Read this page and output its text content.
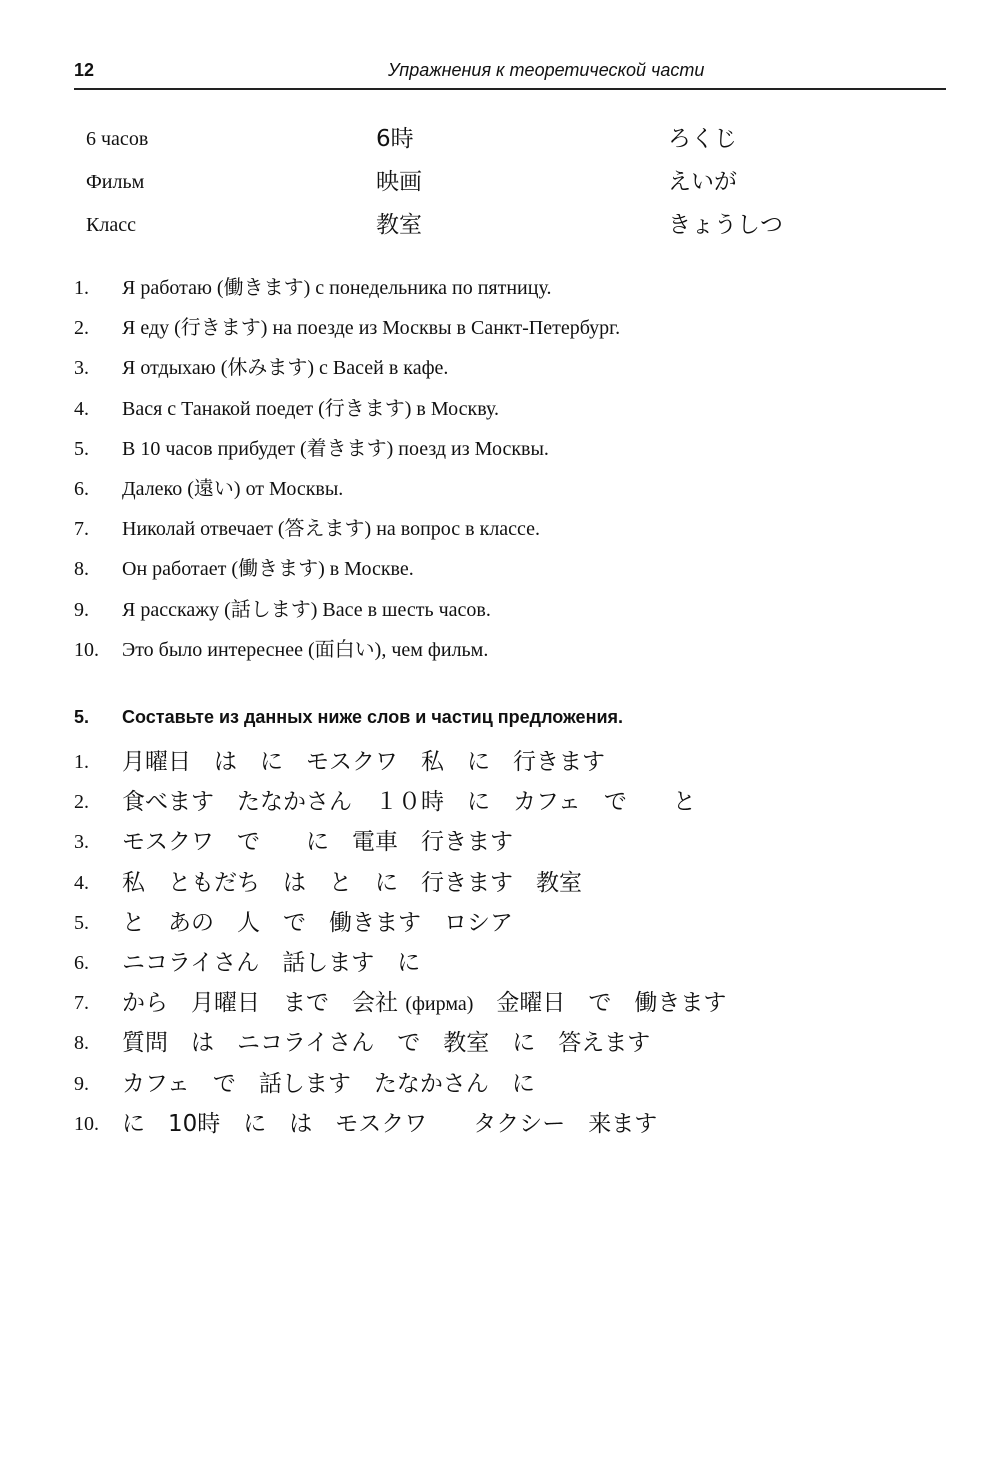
12	Упражнения к теоретической части
6 часов	6時	ろくじ
Фильм	映画	えいが
Класс	教室	きょうしつ
1. Я работаю (働きます) с понедельника по пятницу.
2. Я еду (行きます) на поезде из Москвы в Санкт-Петербург.
3. Я отдыхаю (休みます) с Васей в кафе.
4. Вася с Танакой поедет (行きます) в Москву.
5. В 10 часов прибудет (着きます) поезд из Москвы.
6. Далеко (遠い) от Москвы.
7. Николай отвечает (答えます) на вопрос в классе.
8. Он работает (働きます) в Москве.
9. Я расскажу (話します) Васе в шесть часов.
10. Это было интереснее (面白い), чем фильм.
5. Составьте из данных ниже слов и частиц предложения.
1. 月曜日　は　に　モスクワ　私　に　行きます
2. 食べます　たなかさん　１０時　に　カフェ　で　　と
3. モスクワ　で　　に　電車　行きます
4. 私　ともだち　は　と　に　行きます　教室
5. と　あの　人　で　働きます　ロシア
6. ニコライさん　話します　に
7. から　月曜日　まで　会社 (фирма)　金曜日　で　働きます
8. 質問　は　ニコライさん　で　教室　に　答えます
9. カフェ　で　話します　たなかさん　に
10. に　10時　に　は　モスクワ　　タクシー　来ます
